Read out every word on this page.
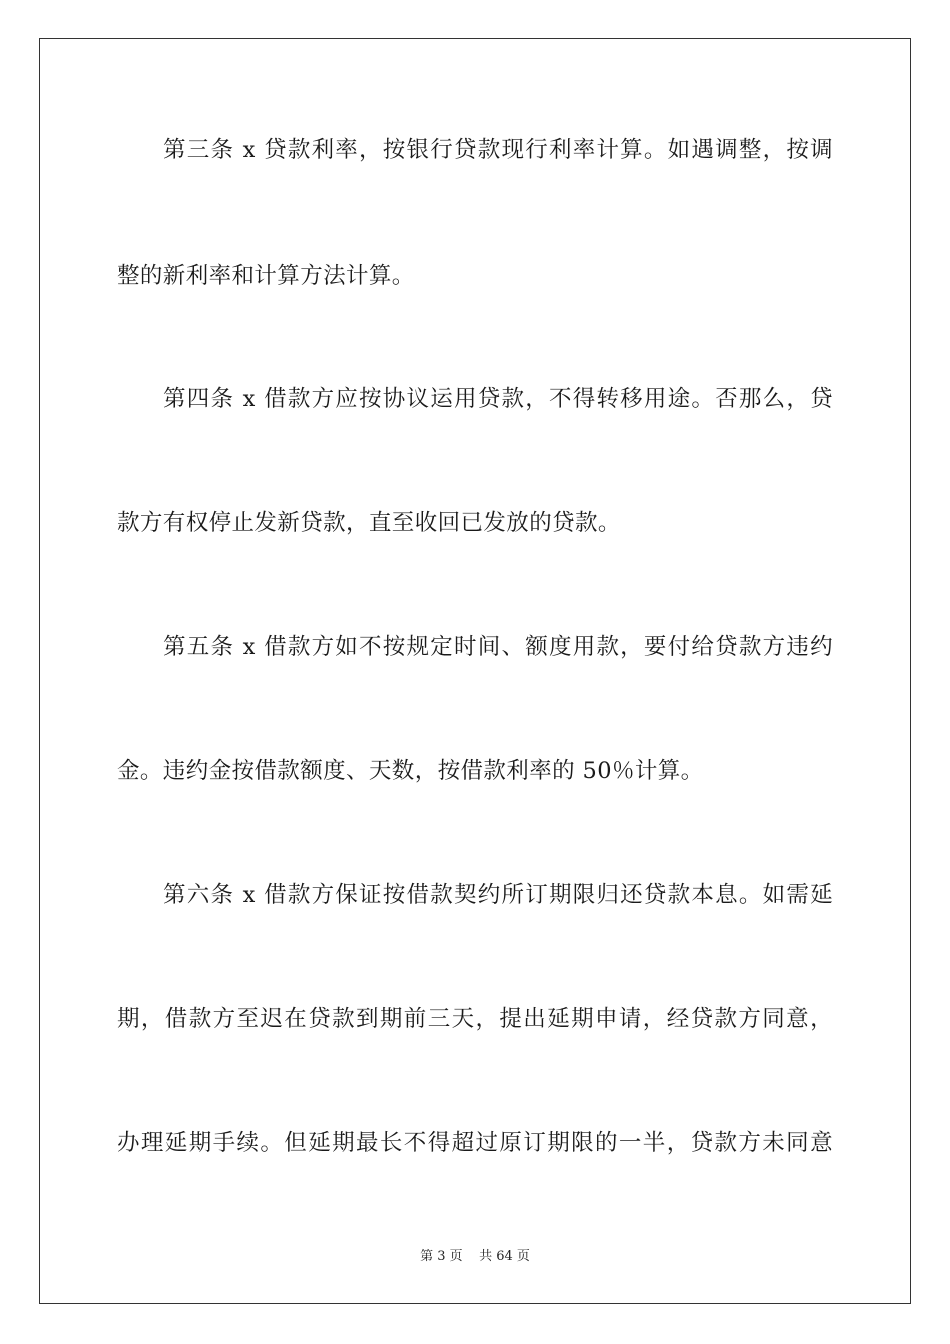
第三条 x 贷款利率，按银行贷款现行利率计算。如遇调整，按调
整的新利率和计算方法计算。
第四条 x 借款方应按协议运用贷款，不得转移用途。否那么，贷
款方有权停止发新贷款，直至收回已发放的贷款。
第五条 x 借款方如不按规定时间、额度用款，要付给贷款方违约
金。违约金按借款额度、天数，按借款利率的 50％计算。
第六条 x 借款方保证按借款契约所订期限归还贷款本息。如需延
期，借款方至迟在贷款到期前三天，提出延期申请，经贷款方同意，
办理延期手续。但延期最长不得超过原订期限的一半，贷款方未同意
第 3 页    共 64 页
